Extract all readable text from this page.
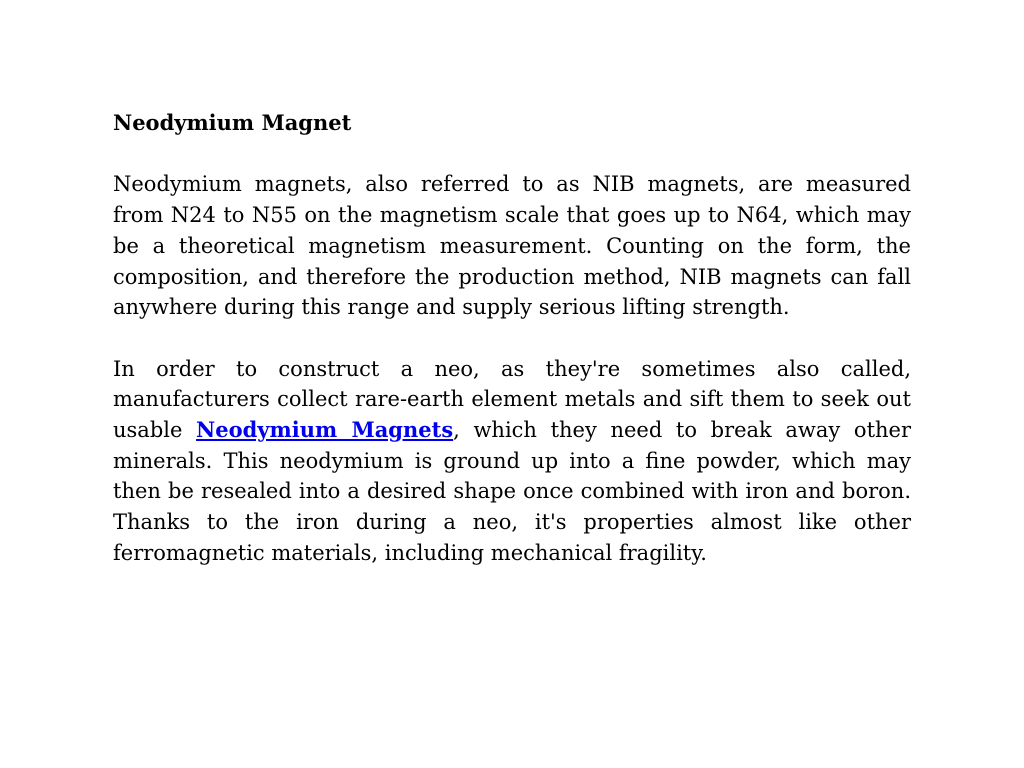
Neodymium Magnet

Neodymium magnets, also referred to as NIB magnets, are measured from N24 to N55 on the magnetism scale that goes up to N64, which may be a theoretical magnetism measurement. Counting on the form, the composition, and therefore the production method, NIB magnets can fall anywhere during this range and supply serious lifting strength.

In order to construct a neo, as they're sometimes also called, manufacturers collect rare-earth element metals and sift them to seek out usable Neodymium Magnets, which they need to break away other minerals. This neodymium is ground up into a fine powder, which may then be resealed into a desired shape once combined with iron and boron. Thanks to the iron during a neo, it's properties almost like other ferromagnetic materials, including mechanical fragility.
